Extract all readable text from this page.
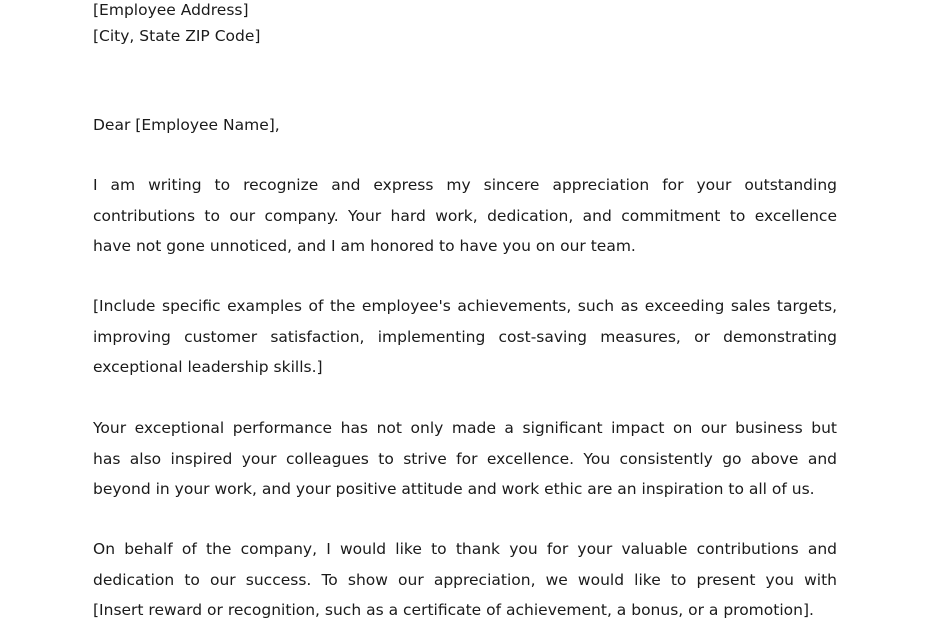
[Employee Address]
[City, State ZIP Code]
Dear [Employee Name],
I am writing to recognize and express my sincere appreciation for your outstanding
contributions to our company. Your hard work, dedication, and commitment to excellence
have not gone unnoticed, and I am honored to have you on our team.
[Include specific examples of the employee's achievements, such as exceeding sales targets,
improving customer satisfaction, implementing cost-saving measures, or demonstrating
exceptional leadership skills.]
Your exceptional performance has not only made a significant impact on our business but
has also inspired your colleagues to strive for excellence. You consistently go above and
beyond in your work, and your positive attitude and work ethic are an inspiration to all of us.
On behalf of the company, I would like to thank you for your valuable contributions and
dedication to our success. To show our appreciation, we would like to present you with
[Insert reward or recognition, such as a certificate of achievement, a bonus, or a promotion].
